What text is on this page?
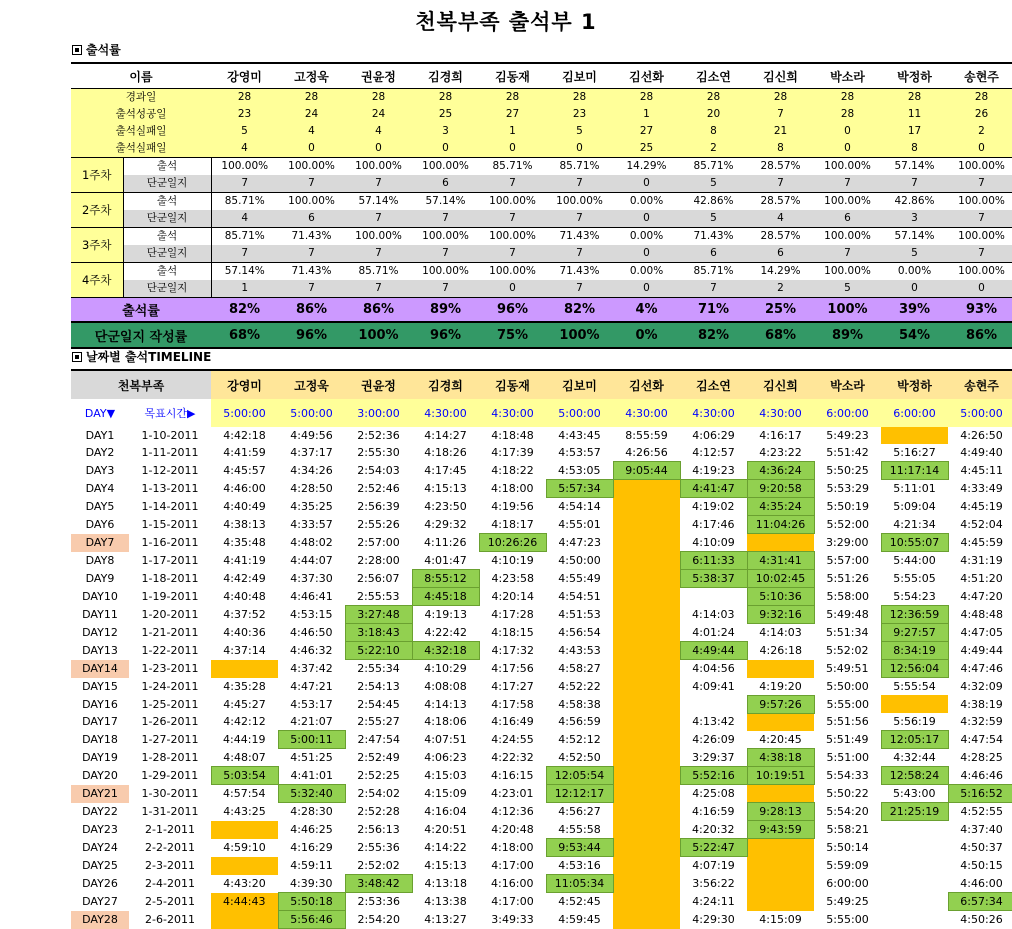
천복부족 출석부 1
출석률
이름		강영미	고정욱	권윤정	김경희	김동재	김보미	김선화	김소연	김신희	박소라	박정하	송현주
경과일		28	28	28	28	28	28	28	28	28	28	28	28
출석성공일		23	24	24	25	27	23	1	20	7	28	11	26
출석실패일		5	4	4	3	1	5	27	8	21	0	17	2
출석실패일		4	0	0	0	0	0	25	2	8	0	8	0
1주차	출석	100.00%	100.00%	100.00%	100.00%	85.71%	85.71%	14.29%	85.71%	28.57%	100.00%	57.14%	100.00%
	단군일지	7	7	7	6	7	7	0	5	7	7	7	7
2주차	출석	85.71%	100.00%	57.14%	57.14%	100.00%	100.00%	0.00%	42.86%	28.57%	100.00%	42.86%	100.00%
	단군일지	4	6	7	7	7	7	0	5	4	6	3	7
3주차	출석	85.71%	71.43%	100.00%	100.00%	100.00%	71.43%	0.00%	71.43%	28.57%	100.00%	57.14%	100.00%
	단군일지	7	7	7	7	7	7	0	6	6	7	5	7
4주차	출석	57.14%	71.43%	85.71%	100.00%	100.00%	71.43%	0.00%	85.71%	14.29%	100.00%	0.00%	100.00%
	단군일지	1	7	7	7	0	7	0	7	2	5	0	0
출석률		82%	86%	86%	89%	96%	82%	4%	71%	25%	100%	39%	93%
단군일지 작성률		68%	96%	100%	96%	75%	100%	0%	82%	68%	89%	54%	86%
날짜별 출석TIMELINE
천복부족		강영미	고정욱	권윤정	김경희	김동재	김보미	김선화	김소연	김신희	박소라	박정하	송현주
DAY▼	목표시간▶	5:00:00	5:00:00	3:00:00	4:30:00	4:30:00	5:00:00	4:30:00	4:30:00	4:30:00	6:00:00	6:00:00	5:00:00
DAY1	1-10-2011	4:42:18	4:49:56	2:52:36	4:14:27	4:18:48	4:43:45	8:55:59	4:06:29	4:16:17	5:49:23		4:26:50
DAY2	1-11-2011	4:41:59	4:37:17	2:55:30	4:18:26	4:17:39	4:53:57	4:26:56	4:12:57	4:23:22	5:51:42	5:16:27	4:49:40
DAY3	1-12-2011	4:45:57	4:34:26	2:54:03	4:17:45	4:18:22	4:53:05	9:05:44	4:19:23	4:36:24	5:50:25	11:17:14	4:45:11
DAY4	1-13-2011	4:46:00	4:28:50	2:52:46	4:15:13	4:18:00	5:57:34		4:41:47	9:20:58	5:53:29	5:11:01	4:33:49
DAY5	1-14-2011	4:40:49	4:35:25	2:56:39	4:23:50	4:19:56	4:54:14		4:19:02	4:35:24	5:50:19	5:09:04	4:45:19
DAY6	1-15-2011	4:38:13	4:33:57	2:55:26	4:29:32	4:18:17	4:55:01		4:17:46	11:04:26	5:52:00	4:21:34	4:52:04
DAY7	1-16-2011	4:35:48	4:48:02	2:57:00	4:11:26	10:26:26	4:47:23		4:10:09		3:29:00	10:55:07	4:45:59
DAY8	1-17-2011	4:41:19	4:44:07	2:28:00	4:01:47	4:10:19	4:50:00		6:11:33	4:31:41	5:57:00	5:44:00	4:31:19
DAY9	1-18-2011	4:42:49	4:37:30	2:56:07	8:55:12	4:23:58	4:55:49		5:38:37	10:02:45	5:51:26	5:55:05	4:51:20
DAY10	1-19-2011	4:40:48	4:46:41	2:55:53	4:45:18	4:20:14	4:54:51			5:10:36	5:58:00	5:54:23	4:47:20
DAY11	1-20-2011	4:37:52	4:53:15	3:27:48	4:19:13	4:17:28	4:51:53		4:14:03	9:32:16	5:49:48	12:36:59	4:48:48
DAY12	1-21-2011	4:40:36	4:46:50	3:18:43	4:22:42	4:18:15	4:56:54		4:01:24	4:14:03	5:51:34	9:27:57	4:47:05
DAY13	1-22-2011	4:37:14	4:46:32	5:22:10	4:32:18	4:17:32	4:43:53		4:49:44	4:26:18	5:52:02	8:34:19	4:49:44
DAY14	1-23-2011		4:37:42	2:55:34	4:10:29	4:17:56	4:58:27		4:04:56		5:49:51	12:56:04	4:47:46
DAY15	1-24-2011	4:35:28	4:47:21	2:54:13	4:08:08	4:17:27	4:52:22		4:09:41	4:19:20	5:50:00	5:55:54	4:32:09
DAY16	1-25-2011	4:45:27	4:53:17	2:54:45	4:14:13	4:17:58	4:58:38			9:57:26	5:55:00		4:38:19
DAY17	1-26-2011	4:42:12	4:21:07	2:55:27	4:18:06	4:16:49	4:56:59		4:13:42		5:51:56	5:56:19	4:32:59
DAY18	1-27-2011	4:44:19	5:00:11	2:47:54	4:07:51	4:24:55	4:52:12		4:26:09	4:20:45	5:51:49	12:05:17	4:47:54
DAY19	1-28-2011	4:48:07	4:51:25	2:52:49	4:06:23	4:22:32	4:52:50		3:29:37	4:38:18	5:51:00	4:32:44	4:28:25
DAY20	1-29-2011	5:03:54	4:41:01	2:52:25	4:15:03	4:16:15	12:05:54		5:52:16	10:19:51	5:54:33	12:58:24	4:46:46
DAY21	1-30-2011	4:57:54	5:32:40	2:54:02	4:15:09	4:23:01	12:12:17		4:25:08		5:50:22	5:43:00	5:16:52
DAY22	1-31-2011	4:43:25	4:28:30	2:52:28	4:16:04	4:12:36	4:56:27		4:16:59	9:28:13	5:54:20	21:25:19	4:52:55
DAY23	2-1-2011		4:46:25	2:56:13	4:20:51	4:20:48	4:55:58		4:20:32	9:43:59	5:58:21		4:37:40
DAY24	2-2-2011	4:59:10	4:16:29	2:55:36	4:14:22	4:18:00	9:53:44		5:22:47		5:50:14		4:50:37
DAY25	2-3-2011		4:59:11	2:52:02	4:15:13	4:17:00	4:53:16		4:07:19		5:59:09		4:50:15
DAY26	2-4-2011	4:43:20	4:39:30	3:48:42	4:13:18	4:16:00	11:05:34		3:56:22		6:00:00		4:46:00
DAY27	2-5-2011	4:44:43	5:50:18	2:53:36	4:13:38	4:17:00	4:52:45		4:24:11		5:49:25		6:57:34
DAY28	2-6-2011		5:56:46	2:54:20	4:13:27	3:49:33	4:59:45		4:29:30	4:15:09	5:55:00		4:50:26
